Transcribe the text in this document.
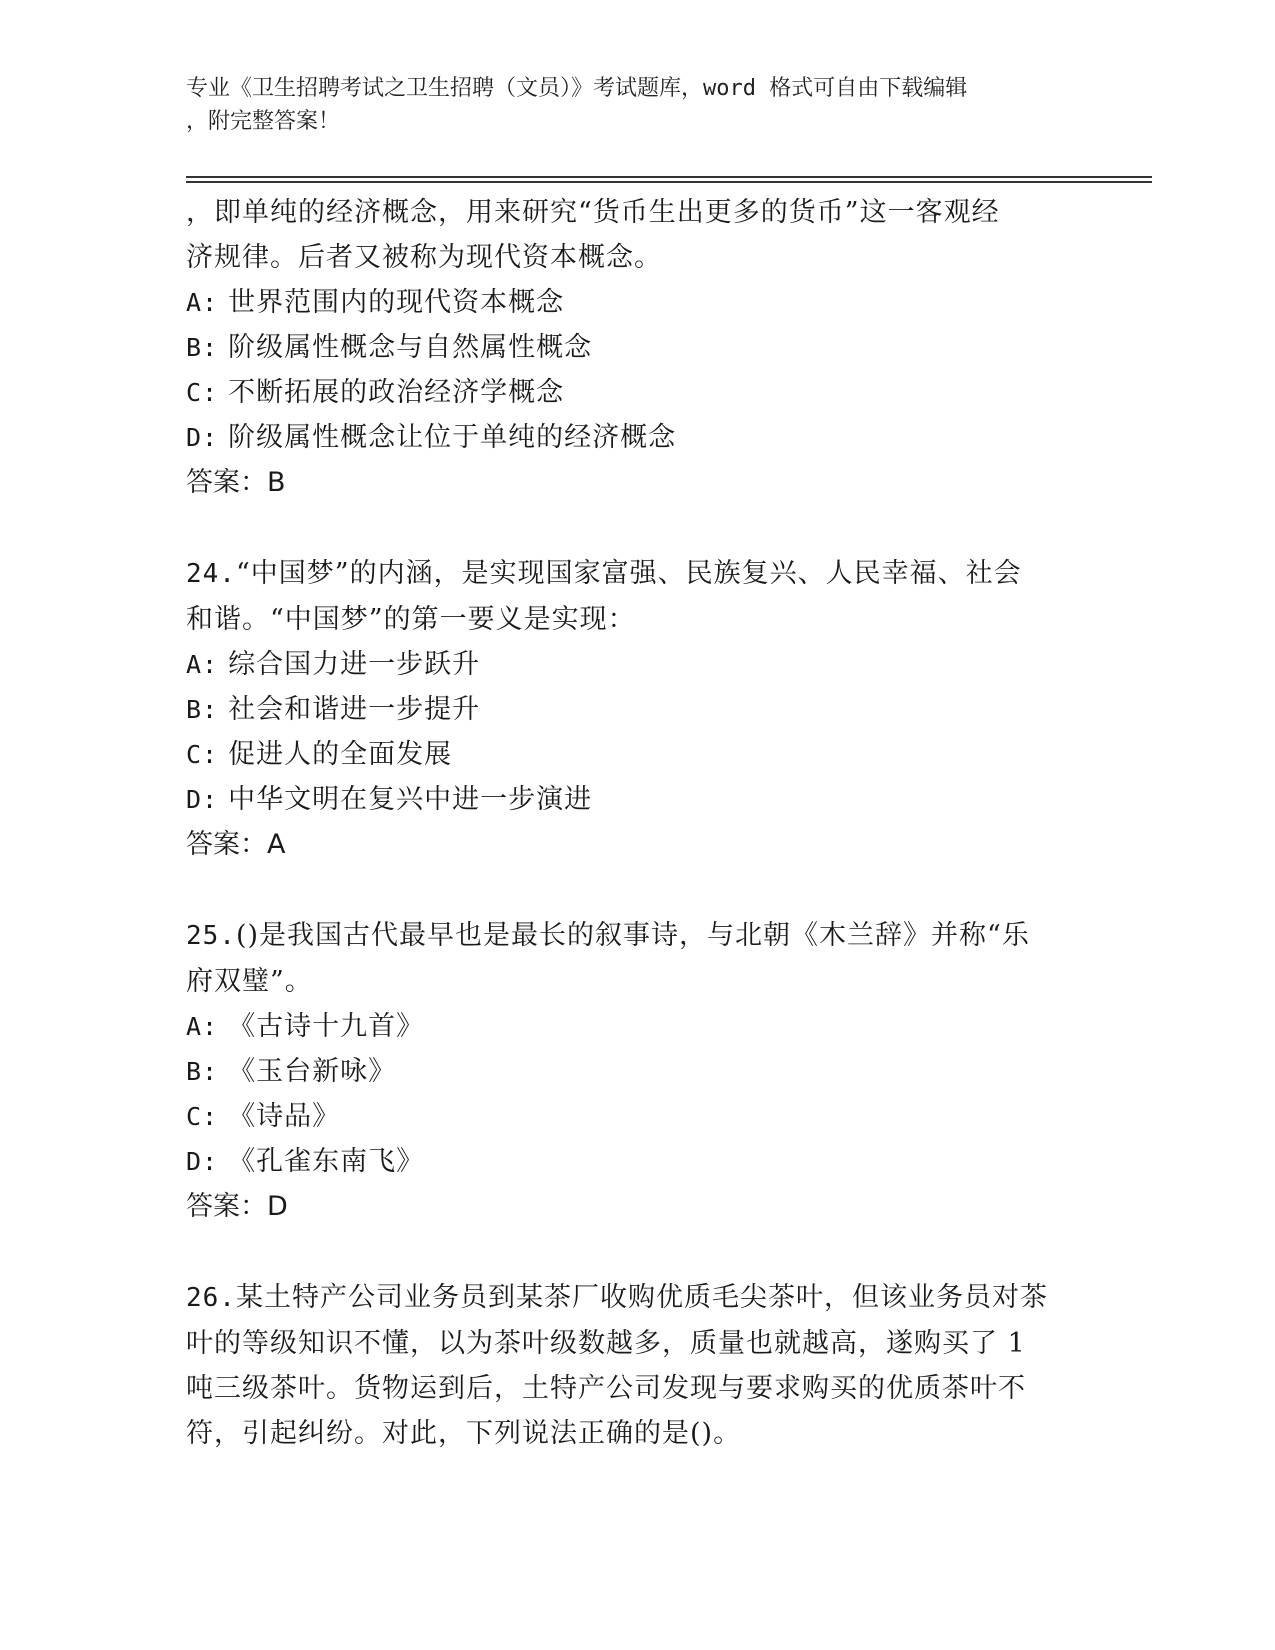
专业《卫生招聘考试之卫生招聘（文员）》考试题库，word 格式可自由下载编辑
，附完整答案！

，即单纯的经济概念，用来研究“货币生出更多的货币”这一客观经

济规律。后者又被称为现代资本概念。

A: 世界范围内的现代资本概念

B: 阶级属性概念与自然属性概念

C: 不断拓展的政治经济学概念

D: 阶级属性概念让位于单纯的经济概念

答案：B

24.“中国梦”的内涵，是实现国家富强、民族复兴、人民幸福、社会

和谐。“中国梦”的第一要义是实现：

A: 综合国力进一步跃升

B: 社会和谐进一步提升

C: 促进人的全面发展

D: 中华文明在复兴中进一步演进

答案：A

25.()是我国古代最早也是最长的叙事诗，与北朝《木兰辞》并称“乐

府双璧”。

A: 《古诗十九首》

B: 《玉台新咏》

C: 《诗品》

D: 《孔雀东南飞》

答案：D

26.某土特产公司业务员到某茶厂收购优质毛尖茶叶，但该业务员对茶

叶的等级知识不懂，以为茶叶级数越多，质量也就越高，遂购买了 1

吨三级茶叶。货物运到后，土特产公司发现与要求购买的优质茶叶不

符，引起纠纷。对此，下列说法正确的是()。
